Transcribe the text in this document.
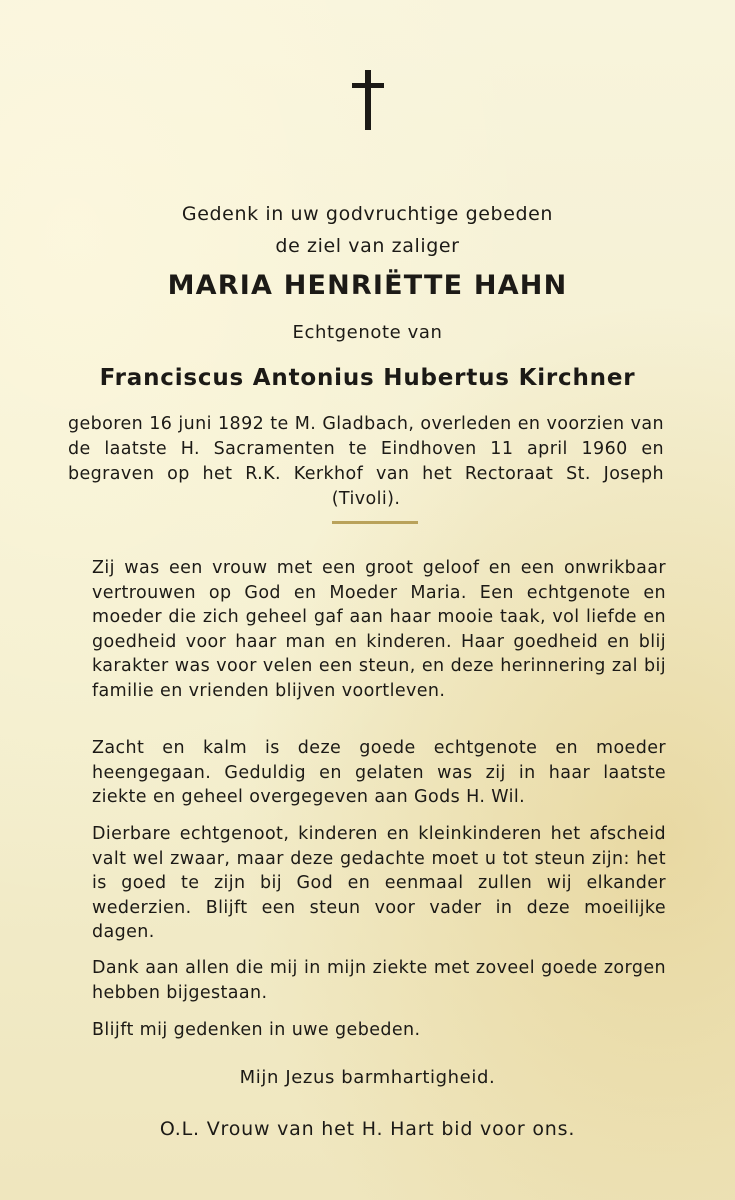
Gedenk in uw godvruchtige gebeden
de ziel van zaliger
MARIA HENRIËTTE HAHN
Echtgenote van
Franciscus Antonius Hubertus Kirchner
geboren 16 juni 1892 te M. Gladbach, overleden en voorzien van de laatste H. Sacramenten te Eindhoven 11 april 1960 en begraven op het R.K. Kerkhof van het Rectoraat St. Joseph (Tivoli).

Zij was een vrouw met een groot geloof en een onwrikbaar vertrouwen op God en Moeder Maria. Een echtgenote en moeder die zich geheel gaf aan haar mooie taak, vol liefde en goedheid voor haar man en kinderen. Haar goedheid en blij karakter was voor velen een steun, en deze herinnering zal bij familie en vrienden blijven voortleven.

Zacht en kalm is deze goede echtgenote en moeder heengegaan. Geduldig en gelaten was zij in haar laatste ziekte en geheel overgegeven aan Gods H. Wil.

Dierbare echtgenoot, kinderen en kleinkinderen het afscheid valt wel zwaar, maar deze gedachte moet u tot steun zijn: het is goed te zijn bij God en eenmaal zullen wij elkander wederzien. Blijft een steun voor vader in deze moeilijke dagen.

Dank aan allen die mij in mijn ziekte met zoveel goede zorgen hebben bijgestaan.

Blijft mij gedenken in uwe gebeden.

Mijn Jezus barmhartigheid.
O.L. Vrouw van het H. Hart bid voor ons.
